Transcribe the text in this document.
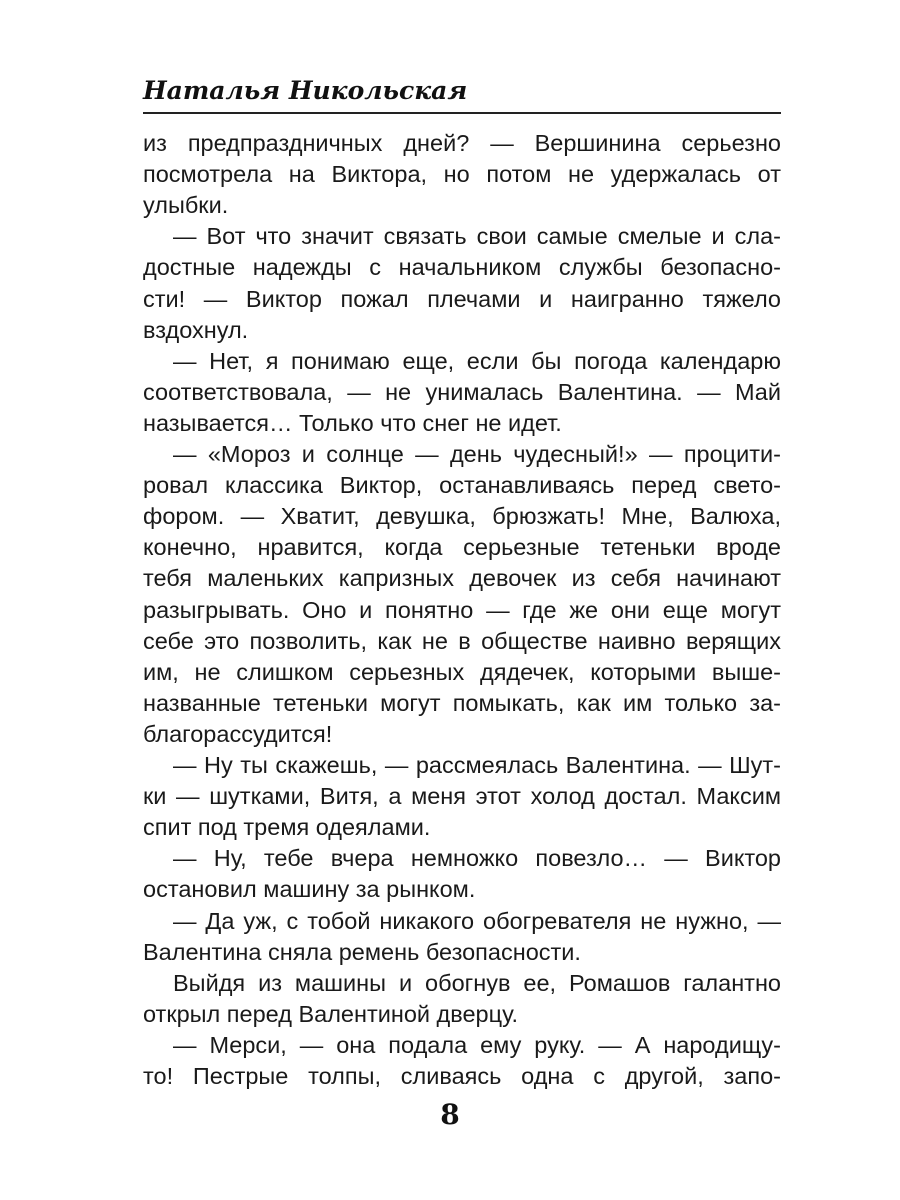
Наталья Никольская
из предпраздничных дней? — Вершинина серьезно
посмотрела на Виктора, но потом не удержалась от
улыбки.
— Вот что значит связать свои самые смелые и сла-
достные надежды с начальником службы безопасно-
сти! — Виктор пожал плечами и наигранно тяжело
вздохнул.
— Нет, я понимаю еще, если бы погода календарю
соответствовала, — не унималась Валентина. — Май
называется… Только что снег не идет.
— «Мороз и солнце — день чудесный!» — процити-
ровал классика Виктор, останавливаясь перед свето-
фором. — Хватит, девушка, брюзжать! Мне, Валюха,
конечно, нравится, когда серьезные тетеньки вроде
тебя маленьких капризных девочек из себя начинают
разыгрывать. Оно и понятно — где же они еще могут
себе это позволить, как не в обществе наивно верящих
им, не слишком серьезных дядечек, которыми выше-
названные тетеньки могут помыкать, как им только за-
благорассудится!
— Ну ты скажешь, — рассмеялась Валентина. — Шут-
ки — шутками, Витя, а меня этот холод достал. Максим
спит под тремя одеялами.
— Ну, тебе вчера немножко повезло… — Виктор
остановил машину за рынком.
— Да уж, с тобой никакого обогревателя не нужно, —
Валентина сняла ремень безопасности.
Выйдя из машины и обогнув ее, Ромашов галантно
открыл перед Валентиной дверцу.
— Мерси, — она подала ему руку. — А народищу-
то! Пестрые толпы, сливаясь одна с другой, запо-
8
